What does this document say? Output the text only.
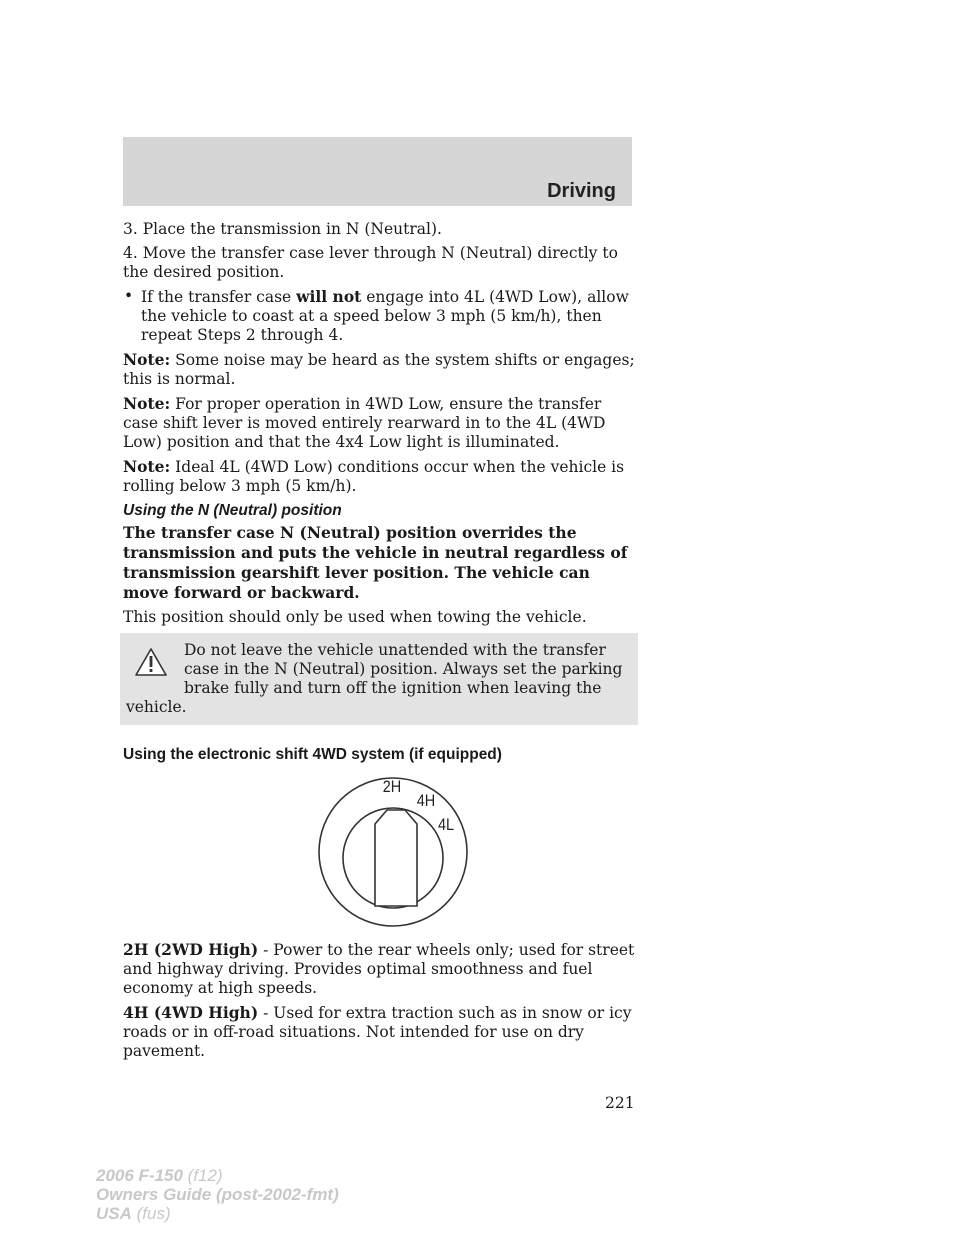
Driving

3. Place the transmission in N (Neutral).

4. Move the transfer case lever through N (Neutral) directly to the desired position.

• If the transfer case will not engage into 4L (4WD Low), allow the vehicle to coast at a speed below 3 mph (5 km/h), then repeat Steps 2 through 4.

Note: Some noise may be heard as the system shifts or engages; this is normal.

Note: For proper operation in 4WD Low, ensure the transfer case shift lever is moved entirely rearward in to the 4L (4WD Low) position and that the 4x4 Low light is illuminated.

Note: Ideal 4L (4WD Low) conditions occur when the vehicle is rolling below 3 mph (5 km/h).

Using the N (Neutral) position

The transfer case N (Neutral) position overrides the transmission and puts the vehicle in neutral regardless of transmission gearshift lever position. The vehicle can move forward or backward.

This position should only be used when towing the vehicle.

Do not leave the vehicle unattended with the transfer case in the N (Neutral) position. Always set the parking brake fully and turn off the ignition when leaving the vehicle.
Using the electronic shift 4WD system (if equipped)
2H
4H
4L

2H (2WD High) - Power to the rear wheels only; used for street and highway driving. Provides optimal smoothness and fuel economy at high speeds.

4H (4WD High) - Used for extra traction such as in snow or icy roads or in off-road situations. Not intended for use on dry pavement.

221
2006 F-150 (f12)
Owners Guide (post-2002-fmt)
USA (fus)
